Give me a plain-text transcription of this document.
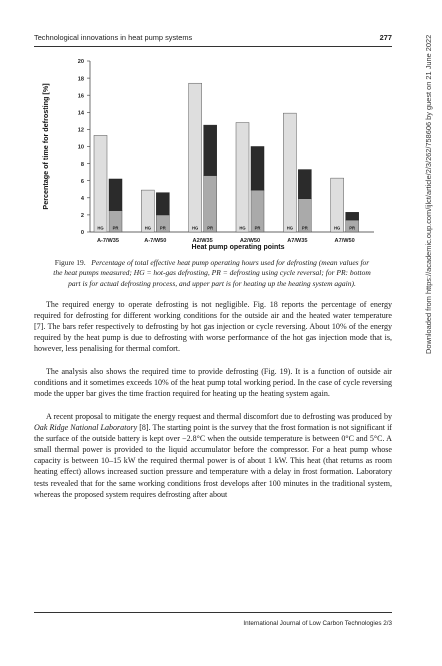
Technological innovations in heat pump systems	277
Percentage of time for defrosting [%]
0
2
4
6
8
10
12
14
16
18
20
HG PR	HG PR	HG PR	HG PR	HG PR	HG PR
A-7/W35	A-7/W50	A2/W35	A2/W50	A7/W35	A7/W50
Heat pump operating points	Downloaded from https://academic.oup.com/ijlct/article/2/3/262/758606 by guest on 21 June 2022
Figure 19. Percentage of total effective heat pump operating hours used for defrosting (mean values for the heat pumps measured; HG = hot-gas defrosting, PR = defrosting using cycle reversal; for PR: bottom part is for actual defrosting process, and upper part is for heating up the heating system again).

The required energy to operate defrosting is not negligible. Fig. 18 reports the percentage of energy required for defrosting for different working conditions for the outside air and the heated water temperature [7]. The bars refer respectively to defrosting by hot gas injection or cycle reversing. About 10% of the energy required by the heat pump is due to defrosting with worse performance of the hot gas injection mode that is, however, less penalising for thermal comfort.

The analysis also shows the required time to provide defrosting (Fig. 19). It is a function of outside air conditions and it sometimes exceeds 10% of the heat pump total working period. In the case of cycle reversing mode the upper bar gives the time fraction required for heating up the heating system again.

A recent proposal to mitigate the energy request and thermal discomfort due to defrosting was produced by Oak Ridge National Laboratory [8]. The starting point is the survey that the frost formation is not significant if the surface of the outside battery is kept over −2.8°C when the outside temperature is between 0°C and 5°C. A small thermal power is provided to the liquid accumulator before the compressor. For a heat pump whose capacity is between 10–15 kW the required thermal power is of about 1 kW. This heat (that returns as room heating effect) allows increased suction pressure and temperature with a delay in frost formation. Laboratory tests revealed that for the same working conditions frost develops after 100 minutes in the traditional system, whereas the proposed system requires defrosting after about

International Journal of Low Carbon Technologies 2/3
